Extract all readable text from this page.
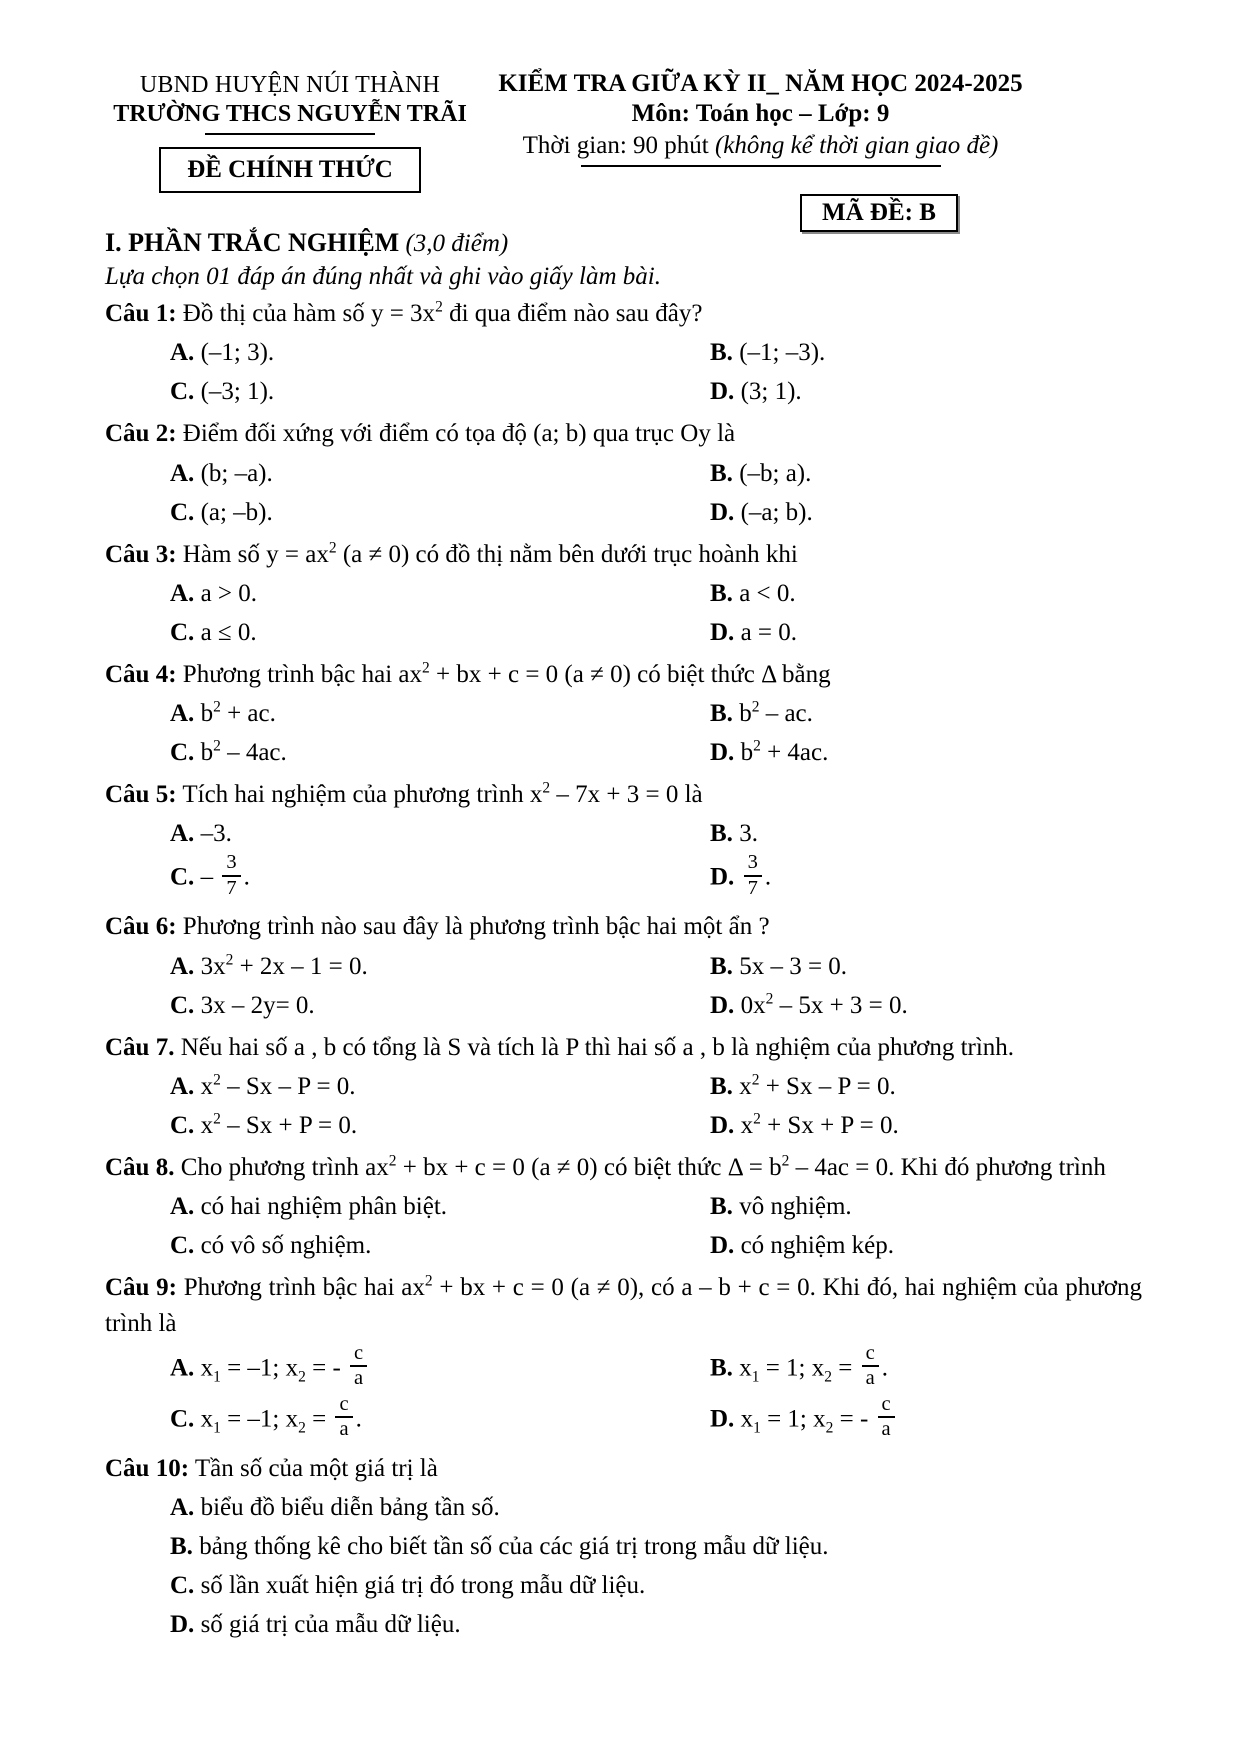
UBND HUYỆN NÚI THÀNH
TRƯỜNG THCS NGUYỄN TRÃI
ĐỀ CHÍNH THỨC
KIỂM TRA GIỮA KỲ II_ NĂM HỌC 2024-2025
Môn: Toán học – Lớp: 9
Thời gian: 90 phút (không kể thời gian giao đề)
MÃ ĐỀ: B
I. PHẦN TRẮC NGHIỆM (3,0 điểm)
Lựa chọn 01 đáp án đúng nhất và ghi vào giấy làm bài.
Câu 1: Đồ thị của hàm số $y = 3x^2$ đi qua điểm nào sau đây?
A. (–1; 3).	B. (–1; –3).
C. (–3; 1).	D. (3; 1).
Câu 2: Điểm đối xứng với điểm có tọa độ (a; b) qua trục Oy là
A. (b; –a).	B. (–b; a).
C. (a; –b).	D. (–a; b).
Câu 3: Hàm số $y = ax^2$ (a ≠ 0) có đồ thị nằm bên dưới trục hoành khi
A. a > 0.	B. a < 0.
C. a ≤ 0.	D. a = 0.
Câu 4: Phương trình bậc hai $ax^2$ + bx + c = 0 (a ≠ 0) có biệt thức Δ bằng
A. $b^2$ + ac.	B. $b^2$ – ac.
C. $b^2 - 4ac$.	D. $b^2 + 4ac$.
Câu 5: Tích hai nghiệm của phương trình $x^2 - 7x + 3 = 0$ là
A. –3.	B. 3.
C. – $\frac{3}{7}$ .	D. $\frac{3}{7}$ .
Câu 6: Phương trình nào sau đây là phương trình bậc hai một ẩn ?
A. $3x^2 + 2x - 1 = 0$.	B. 5x – 3 = 0.
C. 3x – 2y= 0.	D. $0x^2 - 5x + 3 = 0$.
Câu 7. Nếu hai số a , b có tổng là S và tích là P thì hai số a , b là nghiệm của phương trình.
A. $x^2 - Sx - P = 0$.	B. $x^2 + Sx - P = 0$.
C. $x^2 - Sx + P = 0$.	D. $x^2 + Sx + P = 0$.
Câu 8. Cho phương trình $ax^2$ + bx + c = 0 (a ≠ 0) có biệt thức $\Delta = b^2 - 4ac = 0$. Khi đó phương trình
A. có hai nghiệm phân biệt.	B. vô nghiệm.
C. có vô số nghiệm.	D. có nghiệm kép.
Câu 9: Phương trình bậc hai $ax^2$ + bx + c = 0 (a ≠ 0), có a – b + c = 0. Khi đó, hai nghiệm của phương trình là
A. $x_1 = -1$; $x_2$ = - $\frac{c}{a}$	B. $x_1 = 1$; $x_2 = \frac{c}{a}$ .
C. $x_1 = -1$; $x_2 = \frac{c}{a}$ .	D. $x_1 = 1$; $x_2$ = - $\frac{c}{a}$
Câu 10: Tần số của một giá trị là
A. biểu đồ biểu diễn bảng tần số.
B. bảng thống kê cho biết tần số của các giá trị trong mẫu dữ liệu.
C. số lần xuất hiện giá trị đó trong mẫu dữ liệu.
D. số giá trị của mẫu dữ liệu.
